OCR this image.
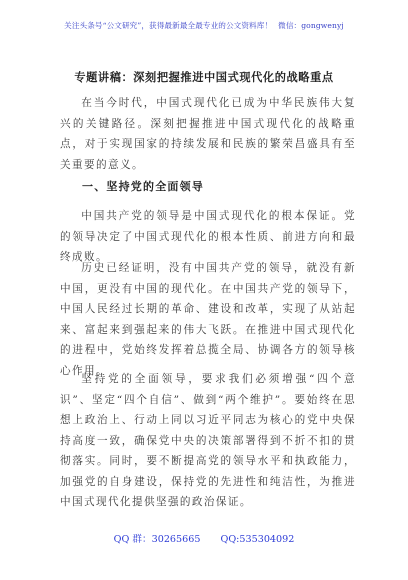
关注头条号“公文研究”，获得最新最全最专业的公文资料库！ 微信：gongwenyj
专题讲稿：深刻把握推进中国式现代化的战略重点

在当今时代，中国式现代化已成为中华民族伟大复兴的关键路径。深刻把握推进中国式现代化的战略重点，对于实现国家的持续发展和民族的繁荣昌盛具有至关重要的意义。

一、坚持党的全面领导

中国共产党的领导是中国式现代化的根本保证。党的领导决定了中国式现代化的根本性质、前进方向和最终成败。

历史已经证明，没有中国共产党的领导，就没有新中国，更没有中国的现代化。在中国共产党的领导下，中国人民经过长期的革命、建设和改革，实现了从站起来、富起来到强起来的伟大飞跃。在推进中国式现代化的进程中，党始终发挥着总揽全局、协调各方的领导核心作用。

坚持党的全面领导，要求我们必须增强“四个意识”、坚定“四个自信”、做到“两个维护”。要始终在思想上政治上、行动上同以习近平同志为核心的党中央保持高度一致，确保党中央的决策部署得到不折不扣的贯彻落实。同时，要不断提高党的领导水平和执政能力，加强党的自身建设，保持党的先进性和纯洁性，为推进中国式现代化提供坚强的政治保证。

QQ 群：30265665 QQ:535304092
